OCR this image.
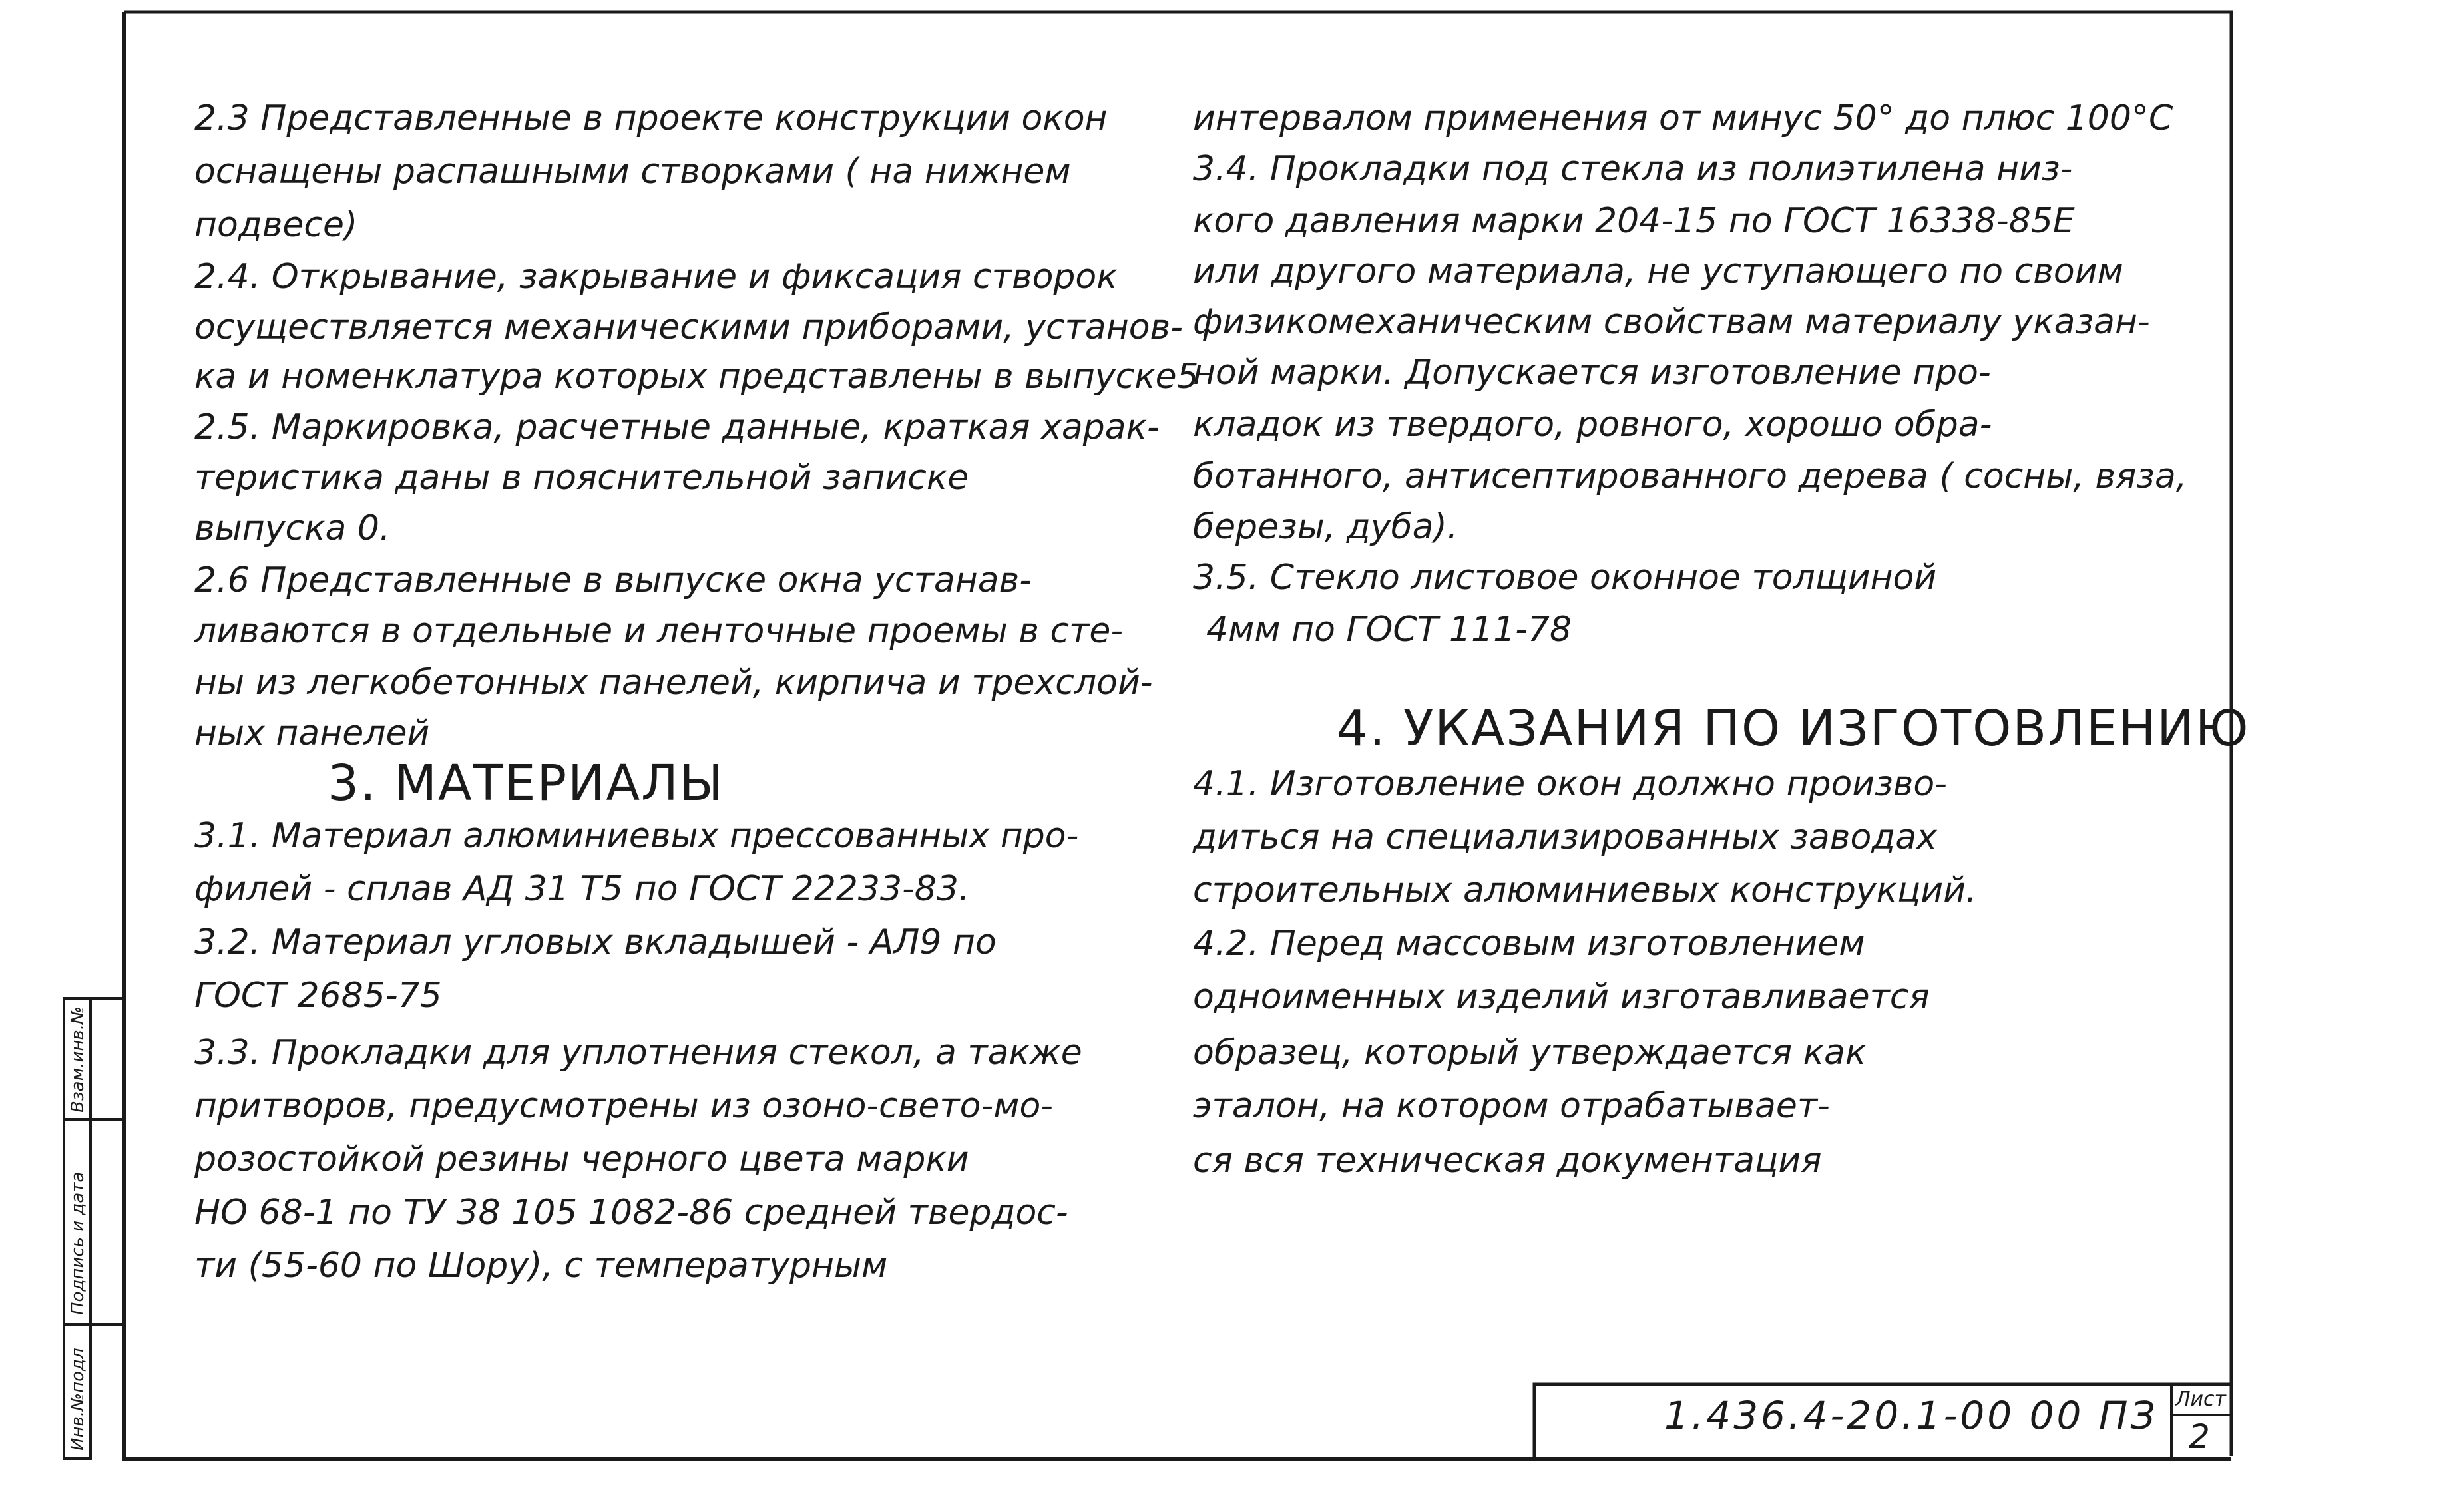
2.3 Представленные в проекте конструкции окон
оснащены распашными створками ( на нижнем
подвесе)
2.4. Открывание, закрывание и фиксация створок
осуществляется механическими приборами, установ-
ка и номенклатура которых представлены в выпуске5
2.5. Маркировка, расчетные данные, краткая харак-
теристика даны в пояснительной записке
выпуска 0.
2.6 Представленные в выпуске окна устанав-
ливаются в отдельные и ленточные проемы в сте-
ны из легкобетонных панелей, кирпича и трехслой-
ных панелей
3. МАТЕРИАЛЫ
3.1. Материал алюминиевых прессованных про-
филей - сплав АД 31 Т5 по ГОСТ 22233-83.
3.2. Материал угловых вкладышей - АЛ9 по
ГОСТ 2685-75
3.3. Прокладки для уплотнения стекол, а также
притворов, предусмотрены из озоно-свето-мо-
розостойкой резины черного цвета марки
НО 68-1 по ТУ 38 105 1082-86 средней твердос-
ти (55-60 по Шору), с температурным
интервалом применения от минус 50° до плюс 100°С
3.4. Прокладки под стекла из полиэтилена низ-
кого давления марки 204-15 по ГОСТ 16338-85Е
или другого материала, не уступающего по своим
физикомеханическим свойствам материалу указан-
ной марки. Допускается изготовление про-
кладок из твердого, ровного, хорошо обра-
ботанного, антисептированного дерева ( сосны, вяза,
березы, дуба).
3.5. Стекло листовое оконное толщиной
4мм по ГОСТ 111-78
4. УКАЗАНИЯ ПО ИЗГОТОВЛЕНИЮ
4.1. Изготовление окон должно произво-
диться на специализированных заводах
строительных алюминиевых конструкций.
4.2. Перед массовым изготовлением
одноименных изделий изготавливается
образец, который утверждается как
эталон, на котором отрабатывает-
ся вся техническая документация
1.436.4-20.1-00 00 ПЗ Лист
2
Инв.№подл
Подпись и дата
Взам.инв.№
